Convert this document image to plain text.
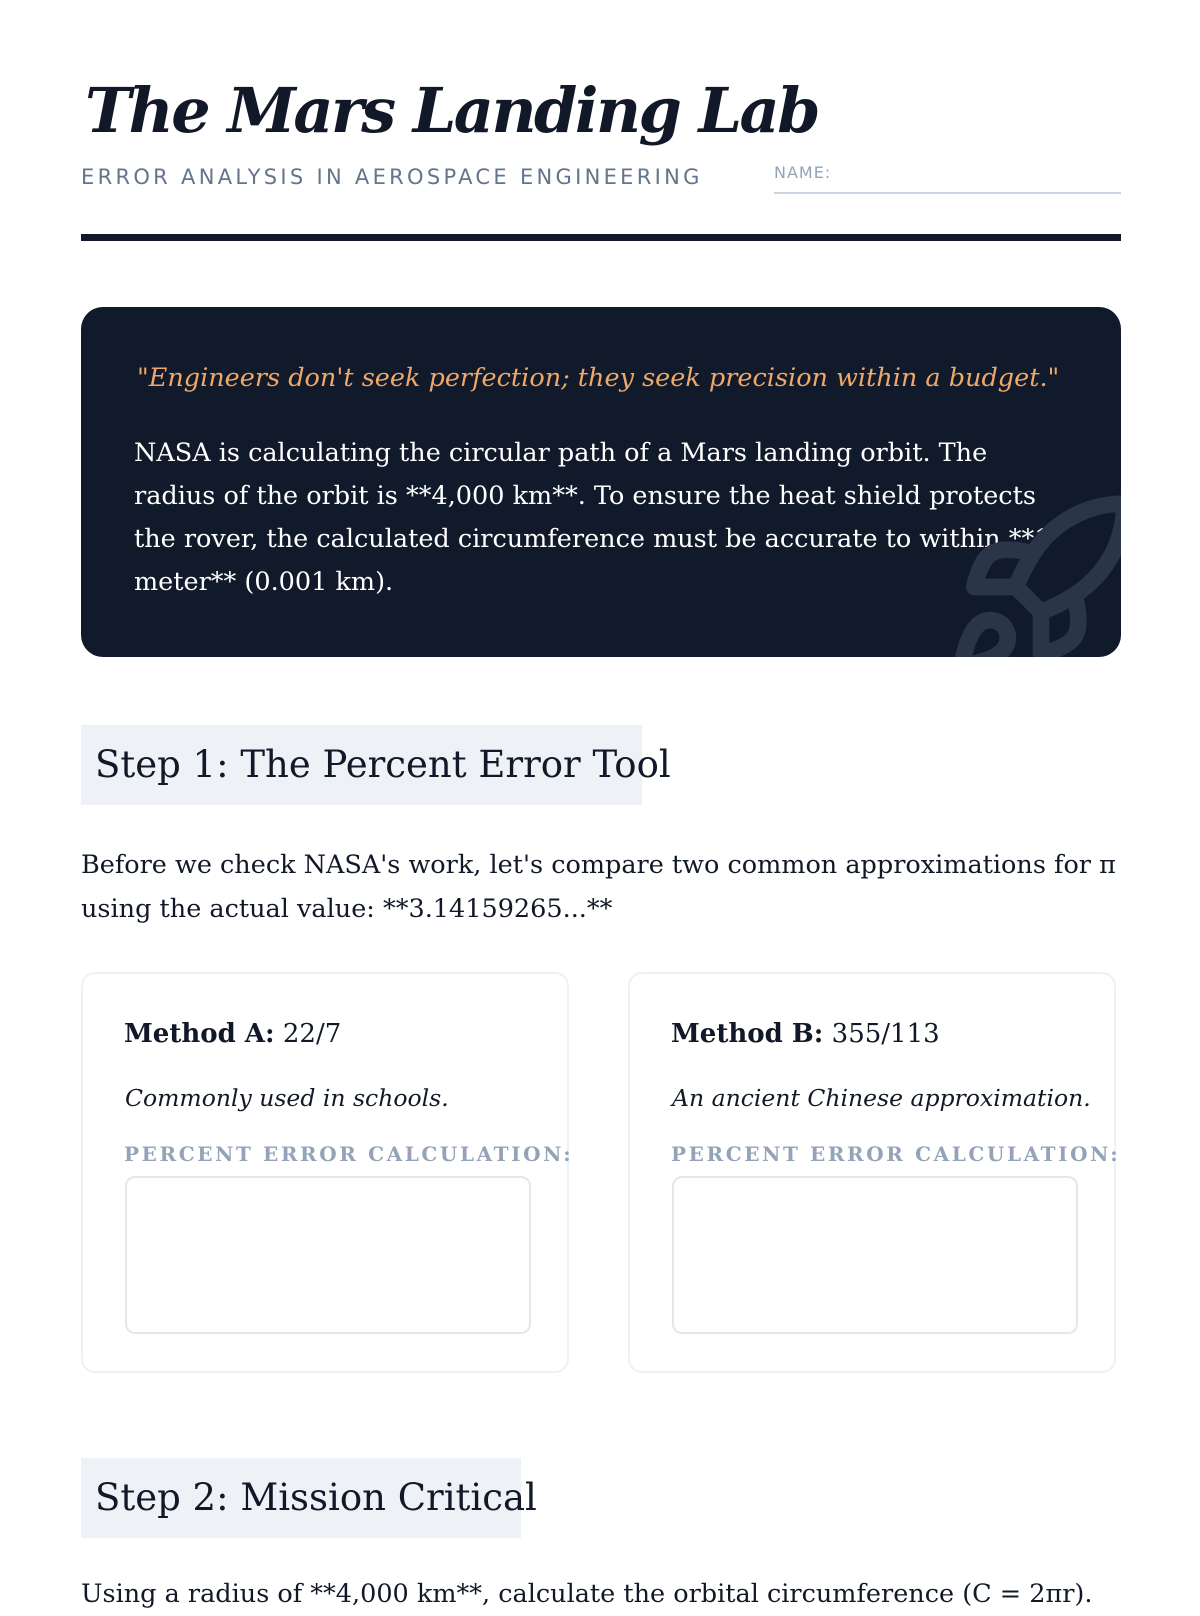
The Mars Landing Lab
ERROR ANALYSIS IN AEROSPACE ENGINEERING	NAME:
"Engineers don't seek perfection; they seek precision within a budget."
NASA is calculating the circular path of a Mars landing orbit. The radius of the orbit is **4,000 km**. To ensure the heat shield protects the rover, the calculated circumference must be accurate to within **1 meter** (0.001 km).
Step 1: The Percent Error Tool
Before we check NASA's work, let's compare two common approximations for π using the actual value: **3.14159265...**
Method A: 22/7
Commonly used in schools.
PERCENT ERROR CALCULATION:
Method B: 355/113
An ancient Chinese approximation.
PERCENT ERROR CALCULATION:
Step 2: Mission Critical
Using a radius of **4,000 km**, calculate the orbital circumference (C = 2πr).
